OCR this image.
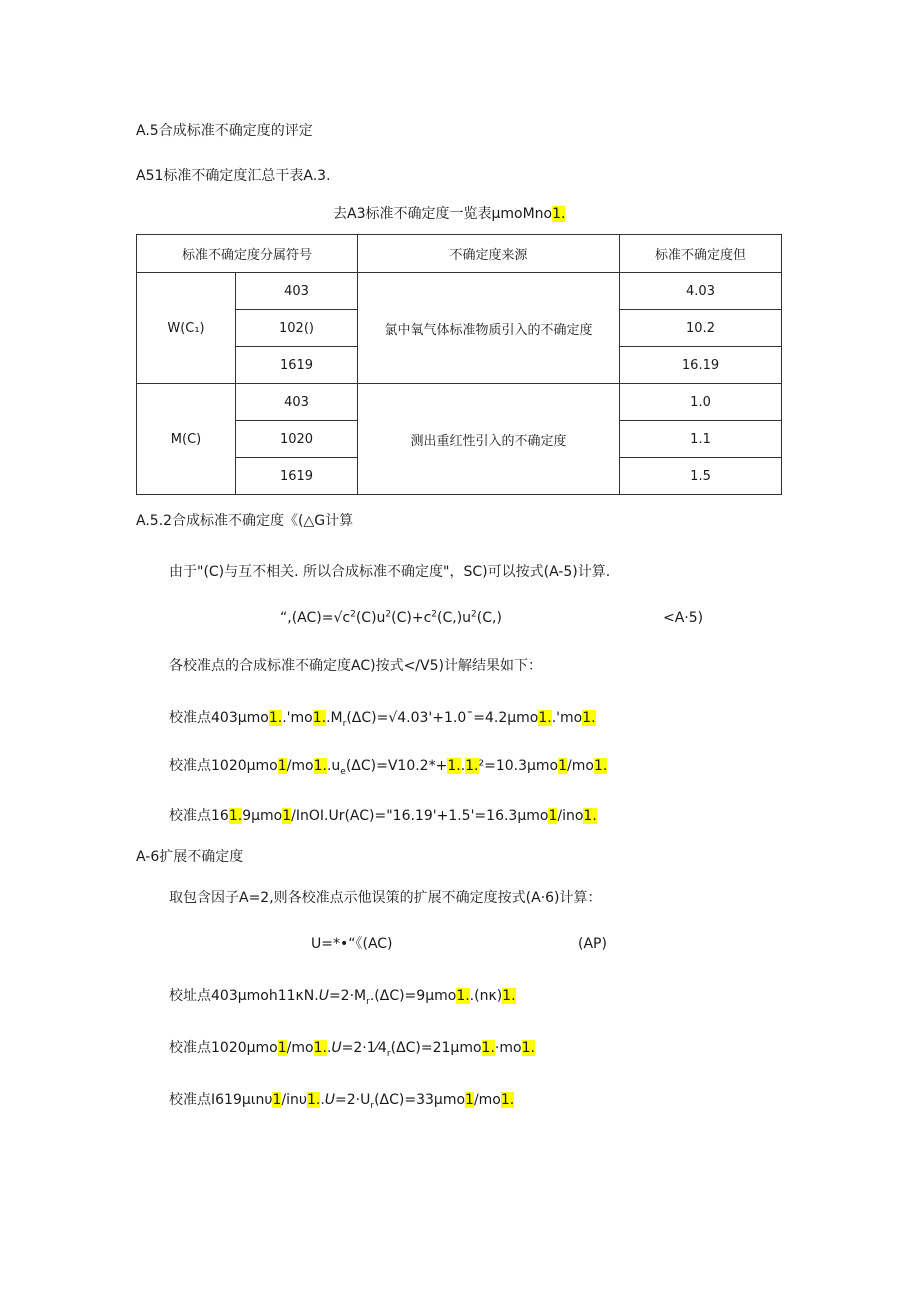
A.5合成标准不确定度的评定
A51标准不确定度汇总干表A.3.
去A3标准不确定度一览表μmoMno1.
标准不确定度分属符号		不确定度来源	标准不确定度但
W(C₁)	403	氯中氧气体标准物质引入的不确定度	4.03
	102()		10.2
	1619		16.19
M(C)	403	测出重红性引入的不确定度	1.0
	1020		1.1
	1619		1.5
A.5.2合成标准不确定度《(△G计算
由于"(C)与互不相关. 所以合成标准不确定度"，SC)可以按式(A-5)计算.
“$,(AC)=√c^2(C)u^2(C)+c^2(C,)u^2(C,)$	<A·5)
各校准点的合成标准不确定度AC)按式</V5)计解结果如下：
校准点$403\mu mo1..'mo1..M_r(\Delta C)=√4.03'+1.0ˉ=4.2\mu mo1..'mo1$.
校准点$1020\mu mo1/mo1..u_e(\Delta C)=V10.2*+1..1.^2=10.3\mu mo1/mo1$.
校准点161.9μmo1/InOI.Ur(AC)="16.19'+1.5'=16.3μmo1/ino1.
A-6扩展不确定度
取包含因子A=2,则各校准点示他误策的扩展不确定度按式(A·6)计算：
U=*•“《(AC)	(AP)
校址点$403\mu moh11\kappa N.U=2\cdot M_r.(\Delta C)=9\mu mo1..(n\kappa)1$.
校准点$1020\mu mo1/mo1..U=2\cdot 1⁄4_r(\Delta C)=21\mu mo1.\cdot mo1$.
校准点$I619\mu\iota n\upsilon 1/in\upsilon 1..U=2\cdot U_r(\Delta C)=33\mu mo1/mo1$.
